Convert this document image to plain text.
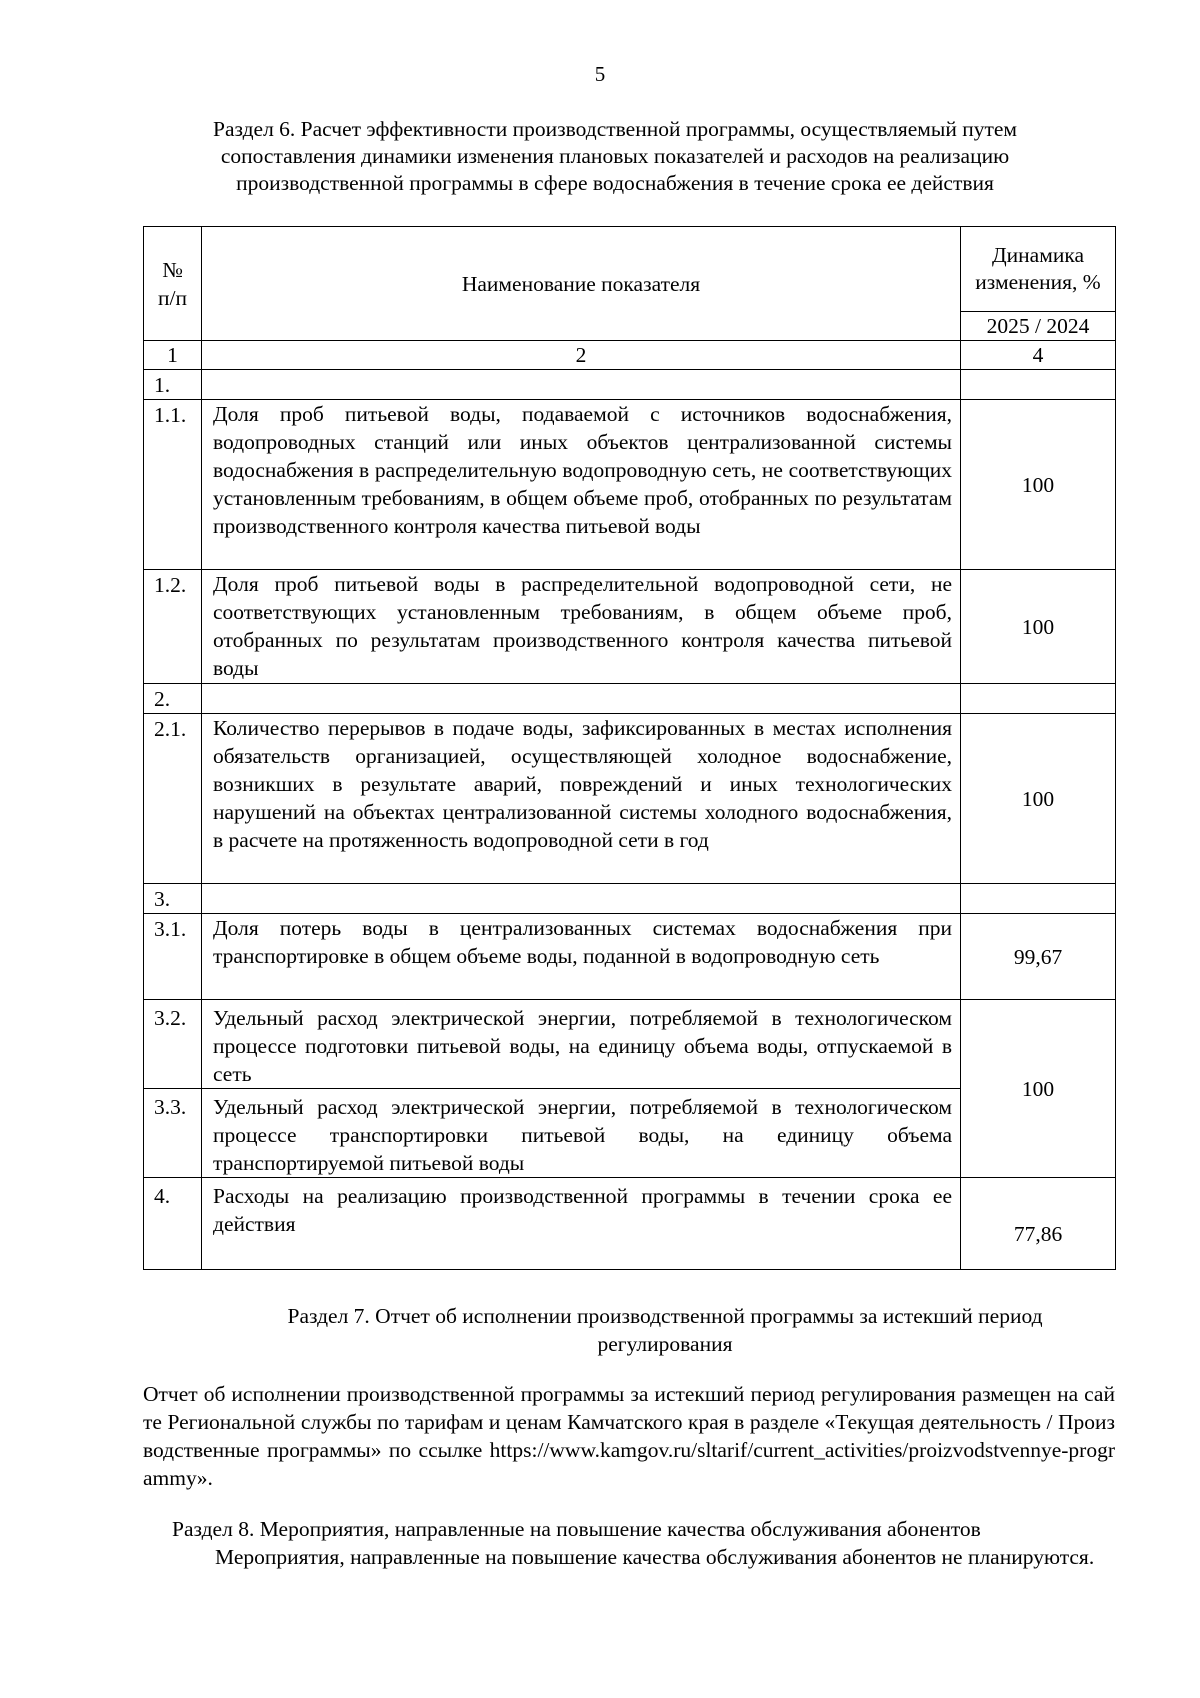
5
Раздел 6. Расчет эффективности производственной программы, осуществляемый путем
сопоставления динамики изменения плановых показателей и расходов на реализацию
производственной программы в сфере водоснабжения в течение срока ее действия
№ п/п	Наименование показателя	Динамика изменения, %
		2025 / 2024
1	2	4
1.		
1.1.	Доля проб питьевой воды, подаваемой с источников водоснабжения, водопроводных станций или иных объектов централизованной системы водоснабжения в распределительную водопроводную сеть, не соответствующих установленным требованиям, в общем объеме проб, отобранных по результатам производственного контроля качества питьевой воды	100
1.2.	Доля проб питьевой воды в распределительной водопроводной сети, не соответствующих установленным требованиям, в общем объеме проб, отобранных по результатам производственного контроля качества питьевой воды	100
2.		
2.1.	Количество перерывов в подаче воды, зафиксированных в местах исполнения обязательств организацией, осуществляющей холодное водоснабжение, возникших в результате аварий, повреждений и иных технологических нарушений на объектах централизованной системы холодного водоснабжения, в расчете на протяженность водопроводной сети в год	100
3.		
3.1.	Доля потерь воды в централизованных системах водоснабжения при транспортировке в общем объеме воды, поданной в водопроводную сеть	99,67
3.2.	Удельный расход электрической энергии, потребляемой в технологическом процессе подготовки питьевой воды, на единицу объема воды, отпускаемой в сеть	100
3.3.	Удельный расход электрической энергии, потребляемой в технологическом процессе транспортировки питьевой воды, на единицу объема транспортируемой питьевой воды	
4.	Расходы на реализацию производственной программы в течении срока ее действия	77,86
Раздел 7. Отчет об исполнении производственной программы за истекший период регулирования
Отчет об исполнении производственной программы за истекший период регулирования размещен на сайте Региональной службы по тарифам и ценам Камчатского края в разделе «Текущая деятельность / Производственные программы» по ссылке https://www.kamgov.ru/sltarif/current_activities/proizvodstvennye-programmy».
Раздел 8. Мероприятия, направленные на повышение качества обслуживания абонентов
Мероприятия, направленные на повышение качества обслуживания абонентов не планируются.
